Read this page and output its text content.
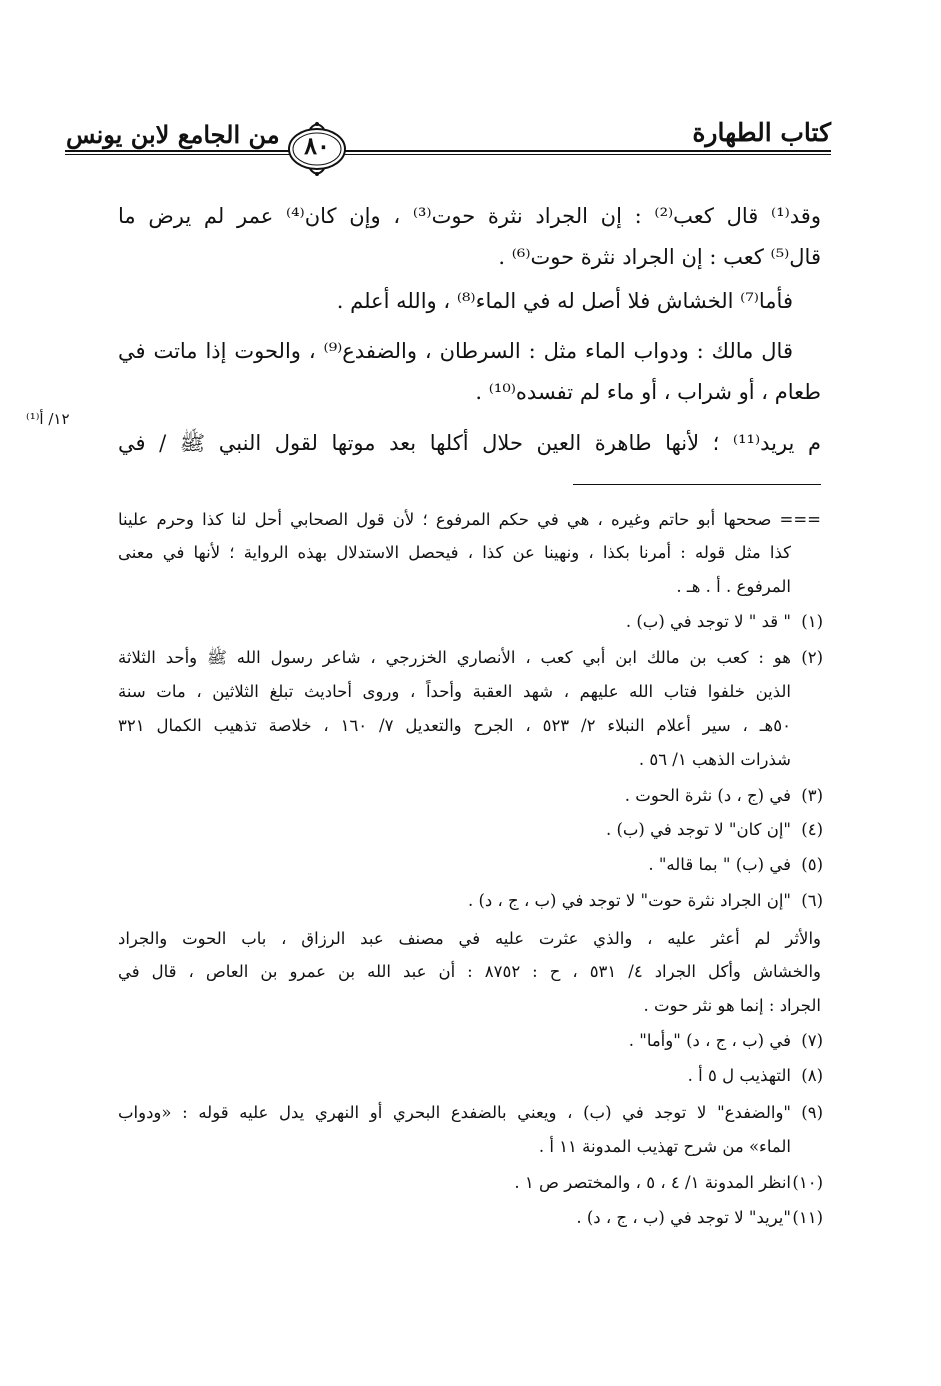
كتاب الطهارة
من الجامع لابن يونس	٨٠
وقد⁽¹⁾ قال كعب⁽²⁾ : إن الجراد نثرة حوت⁽³⁾ ، وإن كان⁽⁴⁾ عمر لم يرض ما
قال⁽⁵⁾ كعب : إن الجراد نثرة حوت⁽⁶⁾ .
فأما⁽⁷⁾ الخشاش فلا أصل له في الماء⁽⁸⁾ ، والله أعلم .
قال مالك : ودواب الماء مثل : السرطان ، والضفدع⁽⁹⁾ ، والحوت إذا ماتت في
طعام ، أو شراب ، أو ماء لم تفسده⁽¹⁰⁾ .
م يريد⁽¹¹⁾ ؛ لأنها طاهرة العين حلال أكلها بعد موتها لقول النبي ﷺ / في
١٢/ أ⁽¹⁾
=== صححها أبو حاتم وغيره ، هي في حكم المرفوع ؛ لأن قول الصحابي أحل لنا كذا وحرم علينا
كذا مثل قوله : أمرنا بكذا ، ونهينا عن كذا ، فيحصل الاستدلال بهذه الرواية ؛ لأنها في معنى
المرفوع . أ . هـ .
(١)
" قد " لا توجد في (ب) .
(٢)
هو : كعب بن مالك ابن أبي كعب ، الأنصاري الخزرجي ، شاعر رسول الله ﷺ وأحد الثلاثة
الذين خلفوا فتاب الله عليهم ، شهد العقبة وأحداً ، وروى أحاديث تبلغ الثلاثين ، مات سنة
٥٠هـ ، سير أعلام النبلاء ٢/ ٥٢٣ ، الجرح والتعديل ٧/ ١٦٠ ، خلاصة تذهيب الكمال ٣٢١
شذرات الذهب ١/ ٥٦ .
(٣)
في (ج ، د) نثرة الحوت .
(٤)
"إن كان" لا توجد في (ب) .
(٥)
في (ب) " بما قاله" .
(٦)
"إن الجراد نثرة حوت" لا توجد في (ب ، ج ، د) .
والأثر لم أعثر عليه ، والذي عثرت عليه في مصنف عبد الرزاق ، باب الحوت والجراد
والخشاش وأكل الجراد ٤/ ٥٣١ ، ح : ٨٧٥٢ : أن عبد الله بن عمرو بن العاص ، قال في
الجراد : إنما هو نثر حوت .
(٧)
في (ب ، ج ، د) "وأما" .
(٨)
التهذيب ل ٥ أ .
(٩)
"والضفدع" لا توجد في (ب) ، ويعني بالضفدع البحري أو النهري يدل عليه قوله : «ودواب
الماء» من شرح تهذيب المدونة ١١ أ .
(١٠)
انظر المدونة ١/ ٤ ، ٥ ، والمختصر ص ١ .
(١١)
"يريد" لا توجد في (ب ، ج ، د) .
